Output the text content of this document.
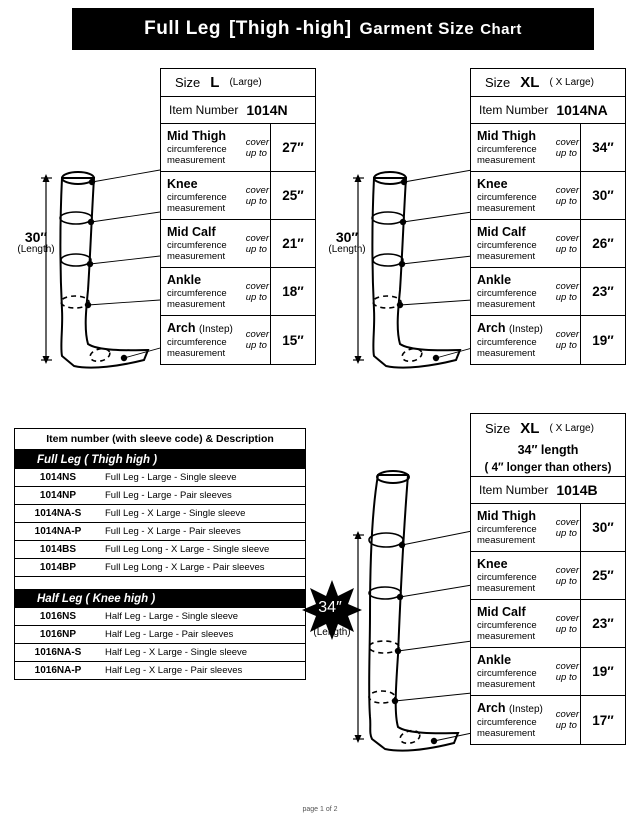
Full Leg [Thigh -high] Garment Size Chart
30″
(Length)
Size L (Large)
Item Number 1014N
Mid Thigh
circumference
measurement
cover
up to	27″
Knee
circumference
measurement
cover
up to	25″
Mid Calf
circumference
measurement
cover
up to	21″
Ankle
circumference
measurement
cover
up to	18″
Arch (Instep)
circumference
measurement
cover
up to	15″
30″
(Length)
Size XL ( X Large)
Item Number 1014NA
Mid Thigh
circumference
measurement
cover
up to	34″
Knee
circumference
measurement
cover
up to	30″
Mid Calf
circumference
measurement
cover
up to	26″
Ankle
circumference
measurement
cover
up to	23″
Arch (Instep)
circumference
measurement
cover
up to	19″
Item number (with sleeve code) & Description
Full Leg ( Thigh high )
1014NS	Full Leg - Large - Single sleeve
1014NP	Full Leg - Large - Pair sleeves
1014NA-S	Full Leg - X Large - Single sleeve
1014NA-P	Full Leg - X Large - Pair sleeves
1014BS	Full Leg Long - X Large - Single sleeve
1014BP	Full Leg Long - X Large - Pair sleeves
Half Leg ( Knee high )
1016NS	Half Leg - Large - Single sleeve
1016NP	Half Leg - Large - Pair sleeves
1016NA-S	Half Leg - X Large - Single sleeve
1016NA-P	Half Leg - X Large - Pair sleeves
34″
(Length)
Size XL ( X Large)
34″ length
( 4″ longer than others)
Item Number 1014B
Mid Thigh
circumference
measurement
cover
up to	30″
Knee
circumference
measurement
cover
up to	25″
Mid Calf
circumference
measurement
cover
up to	23″
Ankle
circumference
measurement
cover
up to	19″
Arch (Instep)
circumference
measurement
cover
up to	17″
page 1 of 2
